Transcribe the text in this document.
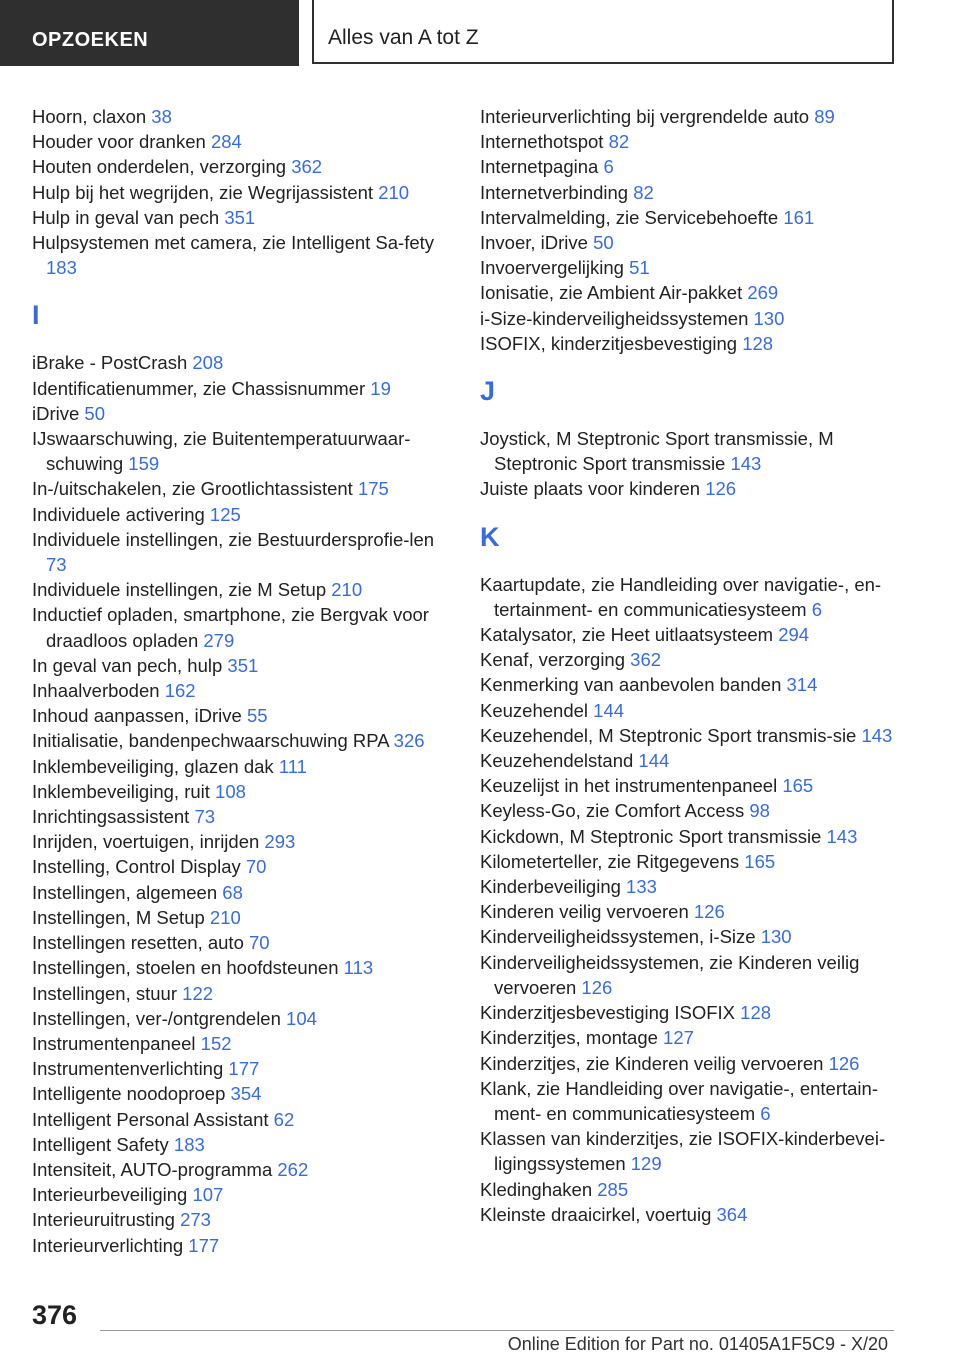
OPZOEKEN	Alles van A tot Z
Hoorn, claxon 38
Houder voor dranken 284
Houten onderdelen, verzorging 362
Hulp bij het wegrijden, zie Wegrijassistent 210
Hulp in geval van pech 351
Hulpsystemen met camera, zie Intelligent Sa-fety 183
I
iBrake - PostCrash 208
Identificatienummer, zie Chassisnummer 19
iDrive 50
IJswaarschuwing, zie Buitentemperatuurwaar-schuwing 159
In-/uitschakelen, zie Grootlichtassistent 175
Individuele activering 125
Individuele instellingen, zie Bestuurdersprofie-len 73
Individuele instellingen, zie M Setup 210
Inductief opladen, smartphone, zie Bergvak voor draadloos opladen 279
In geval van pech, hulp 351
Inhaalverboden 162
Inhoud aanpassen, iDrive 55
Initialisatie, bandenpechwaarschuwing RPA 326
Inklembeveiliging, glazen dak 111
Inklembeveiliging, ruit 108
Inrichtingsassistent 73
Inrijden, voertuigen, inrijden 293
Instelling, Control Display 70
Instellingen, algemeen 68
Instellingen, M Setup 210
Instellingen resetten, auto 70
Instellingen, stoelen en hoofdsteunen 113
Instellingen, stuur 122
Instellingen, ver-/ontgrendelen 104
Instrumentenpaneel 152
Instrumentenverlichting 177
Intelligente noodoproep 354
Intelligent Personal Assistant 62
Intelligent Safety 183
Intensiteit, AUTO-programma 262
Interieurbeveiliging 107
Interieuruitrusting 273
Interieurverlichting 177
Interieurverlichting bij vergrendelde auto 89
Internethotspot 82
Internetpagina 6
Internetverbinding 82
Intervalmelding, zie Servicebehoefte 161
Invoer, iDrive 50
Invoervergelijking 51
Ionisatie, zie Ambient Air-pakket 269
i-Size-kinderveiligheidssystemen 130
ISOFIX, kinderzitjesbevestiging 128
J
Joystick, M Steptronic Sport transmissie, M Steptronic Sport transmissie 143
Juiste plaats voor kinderen 126
K
Kaartupdate, zie Handleiding over navigatie-, en-tertainment- en communicatiesysteem 6
Katalysator, zie Heet uitlaatsysteem 294
Kenaf, verzorging 362
Kenmerking van aanbevolen banden 314
Keuzehendel 144
Keuzehendel, M Steptronic Sport transmis-sie 143
Keuzehendelstand 144
Keuzelijst in het instrumentenpaneel 165
Keyless-Go, zie Comfort Access 98
Kickdown, M Steptronic Sport transmissie 143
Kilometerteller, zie Ritgegevens 165
Kinderbeveiliging 133
Kinderen veilig vervoeren 126
Kinderveiligheidssystemen, i-Size 130
Kinderveiligheidssystemen, zie Kinderen veilig vervoeren 126
Kinderzitjesbevestiging ISOFIX 128
Kinderzitjes, montage 127
Kinderzitjes, zie Kinderen veilig vervoeren 126
Klank, zie Handleiding over navigatie-, entertain-ment- en communicatiesysteem 6
Klassen van kinderzitjes, zie ISOFIX-kinderbevei-ligingssystemen 129
Kledinghaken 285
Kleinste draaicirkel, voertuig 364
376
Online Edition for Part no. 01405A1F5C9 - X/20
